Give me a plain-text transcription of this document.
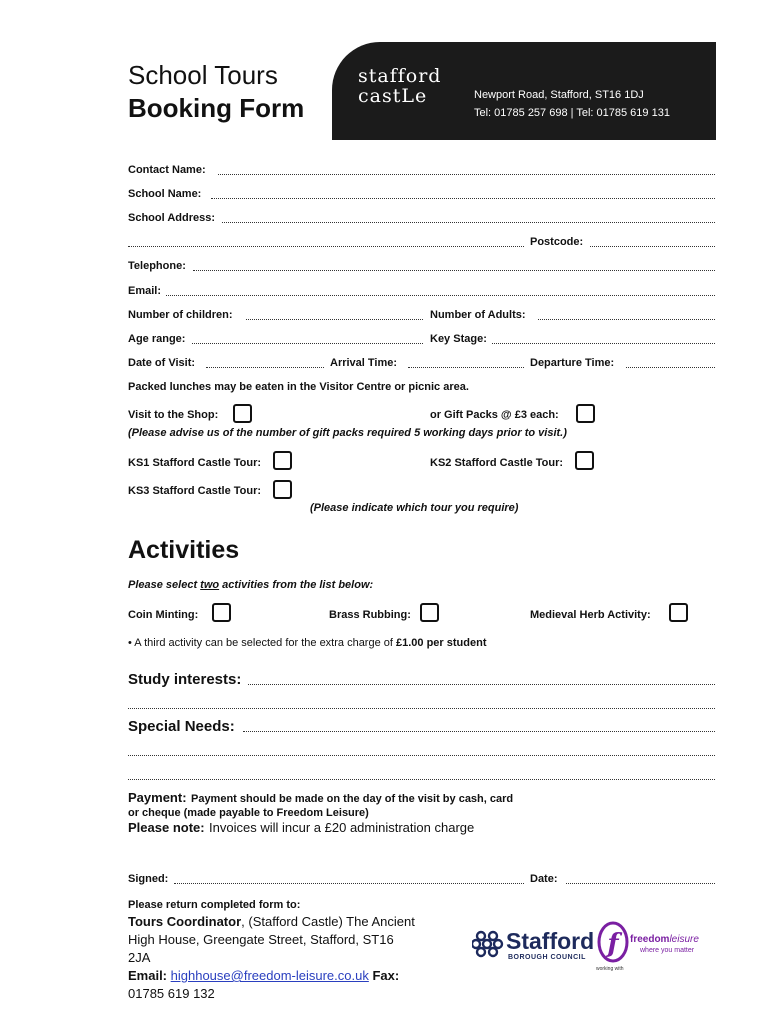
School Tours
Booking Form
stafford
castLe	Newport Road, Stafford, ST16 1DJ
Tel: 01785 257 698 | Tel: 01785 619 131
Contact Name:
School Name:
School Address:
Postcode:
Telephone:
Email:
Number of children:	Number of Adults:
Age range:	Key Stage:
Date of Visit:	Arrival Time:	Departure Time:
Packed lunches may be eaten in the Visitor Centre or picnic area.
Visit to the Shop:	or Gift Packs @ £3 each:
(Please advise us of the number of gift packs required 5 working days prior to visit.)
KS1 Stafford Castle Tour:	KS2 Stafford Castle Tour:
KS3 Stafford Castle Tour:
(Please indicate which tour you require)
Activities
Please select two activities from the list below:
Coin Minting:	Brass Rubbing:	Medieval Herb Activity:
• A third activity can be selected for the extra charge of £1.00 per student
Study interests:
Special Needs:
Payment: Payment should be made on the day of the visit by cash, card
or cheque (made payable to Freedom Leisure)
Please note: Invoices will incur a £20 administration charge
Signed:	Date:
Please return completed form to:
Tours Coordinator, (Stafford Castle) The Ancient
High House, Greengate Street, Stafford, ST16
2JA
Email: highhouse@freedom-leisure.co.uk Fax:
01785 619 132
Stafford
BOROUGH COUNCIL f	freedomleisure
where you matter
working with
